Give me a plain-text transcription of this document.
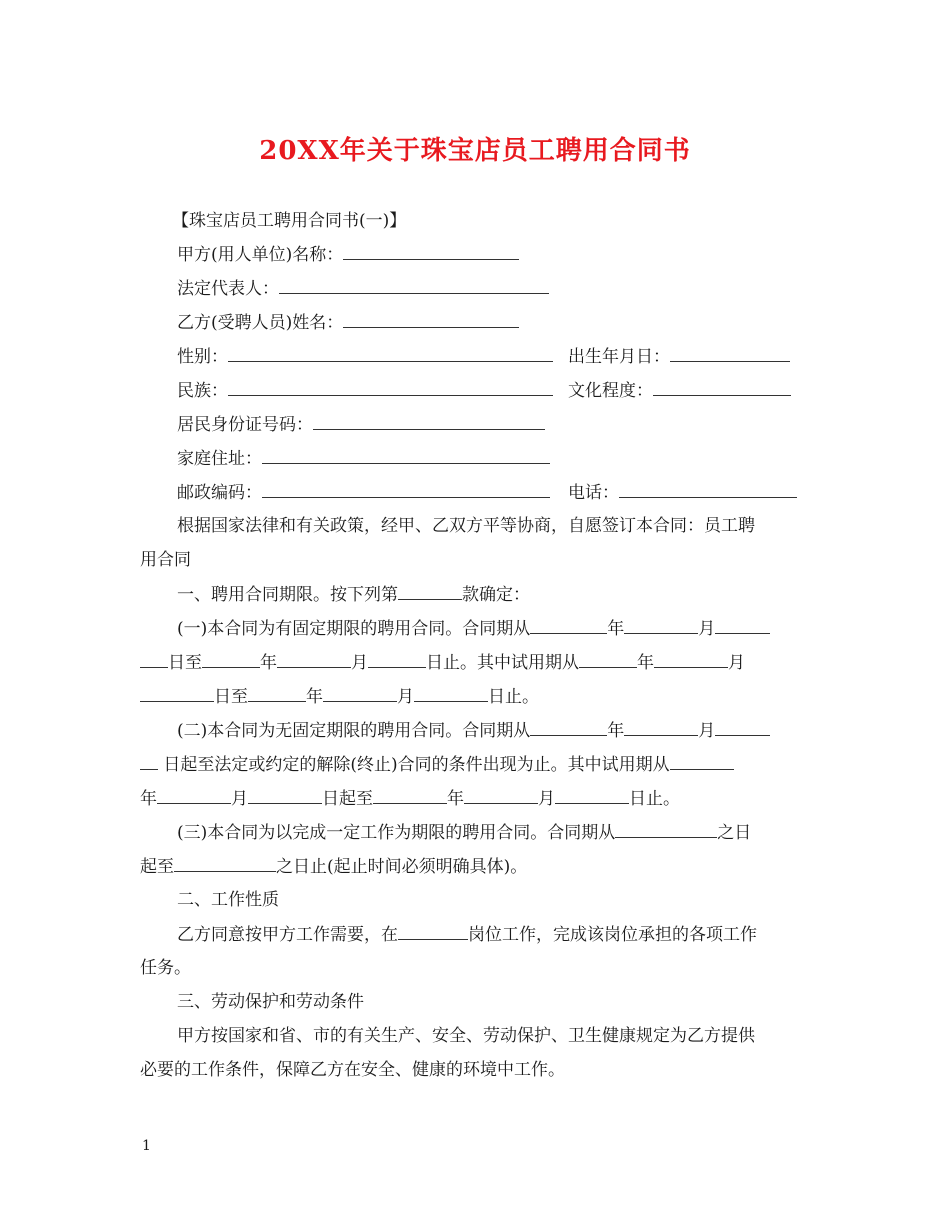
20XX年关于珠宝店员工聘用合同书
【珠宝店员工聘用合同书(一)】
甲方(用人单位)名称：
法定代表人：
乙方(受聘人员)姓名：
性别：	出生年月日：
民族：	文化程度：
居民身份证号码：
家庭住址：
邮政编码：	电话：
根据国家法律和有关政策，经甲、乙双方平等协商，自愿签订本合同：员工聘
用合同
一、聘用合同期限。按下列第	款确定：
(一)本合同为有固定期限的聘用合同。合同期从	年	月
日至	年	月	日止。其中试用期从	年	月
日至	年	月	日止。
(二)本合同为无固定期限的聘用合同。合同期从	年	月
日起至法定或约定的解除(终止)合同的条件出现为止。其中试用期从
年	月	日起至	年	月	日止。
(三)本合同为以完成一定工作为期限的聘用合同。合同期从	之日
起至	之日止(起止时间必须明确具体)。
二、工作性质
乙方同意按甲方工作需要，在	岗位工作，完成该岗位承担的各项工作
任务。
三、劳动保护和劳动条件
甲方按国家和省、市的有关生产、安全、劳动保护、卫生健康规定为乙方提供
必要的工作条件，保障乙方在安全、健康的环境中工作。
1
